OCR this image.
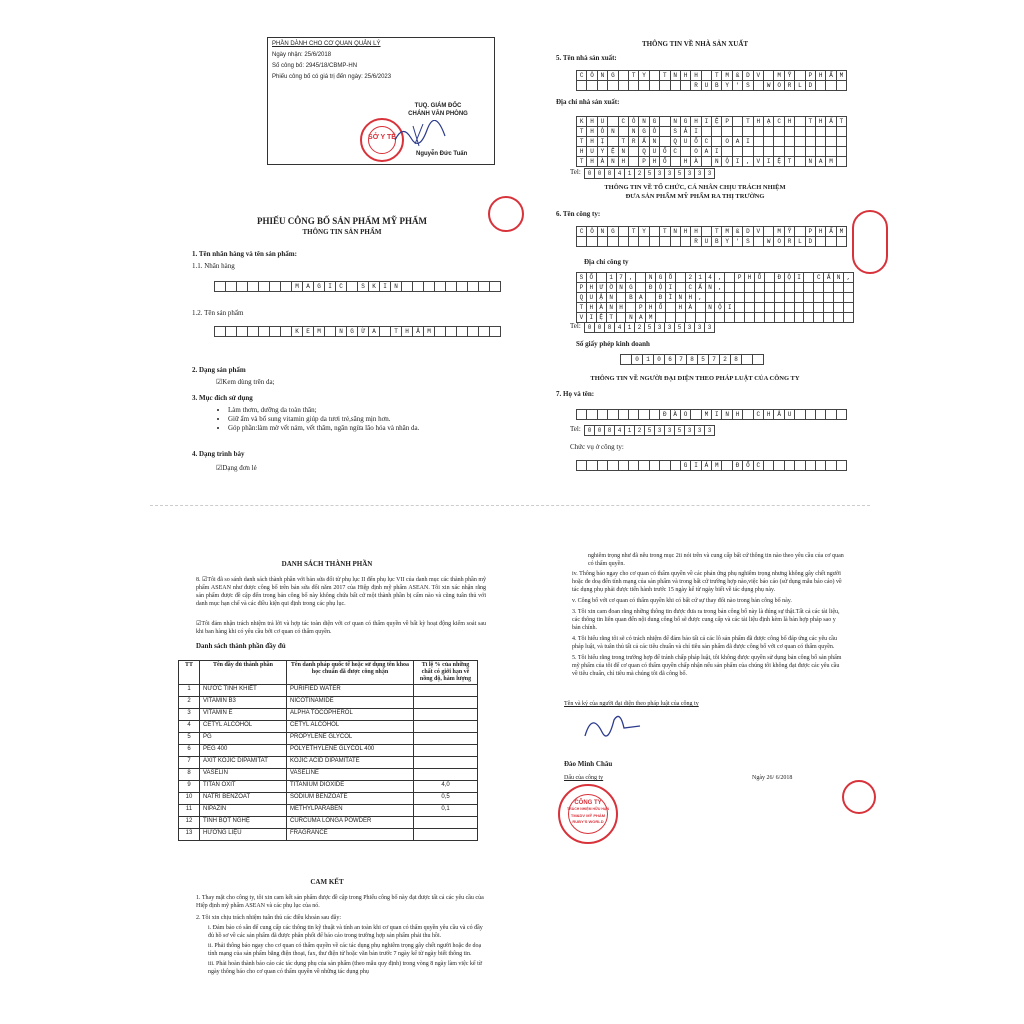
PHẦN DÀNH CHO CƠ QUAN QUẢN LÝ
Ngày nhận: 25/6/2018
Số công bố: 2945/18/CBMP-HN
Phiếu công bố có giá trị đến ngày: 25/6/2023
TUQ. GIÁM ĐỐC
CHÁNH VĂN PHÒNG
SỞ Y TẾ
Nguyễn Đức Tuấn
PHIẾU CÔNG BỐ SẢN PHẨM MỸ PHẨM
THÔNG TIN SẢN PHẨM
1. Tên nhãn hàng và tên sản phẩm:
1.1. Nhãn hàng
M	A	G	I	C	S	K	I	N
1.2. Tên sản phẩm
K	E	M	N	G	Ừ	A	T	H	Â	M
2. Dạng sản phẩm
☑Kem dùng trên da;
3. Mục đích sử dụng
• Làm thơm, dưỡng da toàn thân;
• Giữ ẩm và bổ sung vitamin giúp da tươi trẻ,săng mịn hơn.
• Góp phần:làm mờ vết nám, vết thâm, ngăn ngừa lão hóa và nhăn da.
4. Dạng trình bày
☑Dạng đơn lẻ
THÔNG TIN VỀ NHÀ SẢN XUẤT
5. Tên nhà sản xuất:
C	Ô	N	G	T	Y	T	N	H	H	T	M	&	D	V	M	Ỹ	P	H	Ẩ	M
R	U	B	Y	'	S	W	O	R	L	D
Địa chỉ nhà sản xuất:
K	H	U	C	Ô	N	G	N	G	H	I	Ệ	P	T	H	Ạ	C	H	T	H	Ấ	T
T	H	Ô	N	N	G	Ô	S	Ả	I
T	H	Ị	T	R	Ấ	N	Q	U	Ố	C	O	A	I
H	U	Y	Ệ	N	Q	U	Ố	C	O	A	I
T	H	À	N	H	P	H	Ố	H	À	N	Ộ	I	,	V	I	Ệ	T	N	A	M
Tel:	0	0	8	4	1	2	5	3	3	5	3	3	3
THÔNG TIN VỀ TỔ CHỨC, CÁ NHÂN CHỊU TRÁCH NHIỆM
ĐƯA SẢN PHẨM MỸ PHẨM RA THỊ TRƯỜNG
6. Tên công ty:
C	Ô	N	G	T	Y	T	N	H	H	T	M	&	D	V	M	Ỹ	P	H	Ẩ	M
R	U	B	Y	'	S	W	O	R	L	D
Địa chỉ công ty
S	Ố	1	7	,	N	G	Õ	2	1	4	,	P	H	Ố	Đ	Ộ	I	C	Ấ	N	,
P	H	Ư	Ờ	N	G	Đ	Ộ	I	C	Ấ	N	,
Q	U	Ậ	N	B	A	Đ	Ì	N	H	,
T	H	À	N	H	P	H	Ố	H	À	N	Ộ	I
V	I	Ệ	T	N	A	M
Tel:	0	0	8	4	1	2	5	3	3	5	3	3	3
Số giấy phép kinh doanh
0	1	0	6	7	8	5	7	2	8
THÔNG TIN VỀ NGƯỜI ĐẠI DIỆN THEO PHÁP LUẬT CỦA CÔNG TY
7. Họ và tên:
Đ	À	O	M	I	N	H	C	H	Â	U
Tel:	0	0	8	4	1	2	5	3	3	5	3	3	3
Chức vụ ở công ty:
G	I	Á	M	Đ	Ố	C
DANH SÁCH THÀNH PHẦN
8. ☑Tôi đã so sánh danh sách thành phần với bản sửa đổi từ phụ lục II đến phụ lục VII của danh mục các thành phần mỹ phẩm ASEAN như được công bố trên bản sửa đổi năm 2017 của Hiệp định mỹ phẩm ASEAN. Tôi xin xác nhận rằng sản phẩm được đề cập đến trong bản công bố này không chứa bất cứ một thành phần bị cấm nào và cũng tuân thủ với danh mục hạn chế và các điều kiện qui định trong các phụ lục.
☑Tôi đảm nhận trách nhiệm trả lời và hợp tác toàn diện với cơ quan có thẩm quyền về bất kỳ hoạt động kiểm soát sau khi ban hàng khi có yêu cầu bởi cơ quan có thẩm quyền.
Danh sách thành phần đầy đủ
TT	Tên đầy đủ thành phần	Tên danh pháp quốc tế hoặc sử dụng tên khoa học chuẩn đã được công nhận	Tỉ lệ % của những chất có giới hạn về nồng độ, hàm lượng
1	NƯỚC TINH KHIẾT	PURIFIED WATER	
2	VITAMIN B3	NICOTINAMIDE	
3	VITAMIN E	ALPHA TOCOPHEROL	
4	CETYL ALCOHOL	CETYL ALCOHOL	
5	PG	PROPYLENE GLYCOL	
6	PEG 400	POLYETHYLENE GLYCOL 400	
7	AXIT KOJIC DIPAMITAT	KOJIC ACID DIPAMITATE	
8	VASELIN	VASELINE	
9	TITAN OXIT	TITANIUM DIOXIDE	4,0
10	NATRI BENZOAT	SODIUM BENZOATE	0,5
11	NIPAZIN	METHYLPARABEN	0,1
12	TINH BỘT NGHỆ	CURCUMA LONGA POWDER	
13	HƯƠNG LIỆU	FRAGRANCE	
CAM KẾT
1. Thay mặt cho công ty, tôi xin cam kết sản phẩm được đề cập trong Phiếu công bố này đạt được tất cả các yêu cầu của Hiệp định mỹ phẩm ASEAN và các phụ lục của nó.
2. Tôi xin chịu trách nhiệm tuân thủ các điều khoản sau đây:
i. Đảm bảo có sẵn để cung cấp các thông tin kỹ thuật và tính an toàn khi cơ quan có thẩm quyền yêu cầu và có đầy đủ hồ sơ về các sản phẩm đã được phân phối để báo cáo trong trường hợp sản phẩm phải thu hồi.
ii. Phải thông báo ngay cho cơ quan có thẩm quyền về các tác dụng phụ nghiêm trọng gây chết người hoặc đe doạ tính mạng của sản phẩm bằng điện thoại, fax, thư điện tử hoặc văn bản trước 7 ngày kể từ ngày biết thông tin.
iii. Phải hoàn thành báo cáo các tác dụng phụ của sản phẩm (theo mẫu quy định) trong vòng 8 ngày làm việc kể từ ngày thông báo cho cơ quan có thẩm quyền về những tác dụng phụ
nghiêm trọng như đã nêu trong mục 2ii nói trên và cung cấp bất cứ thông tin nào theo yêu cầu của cơ quan có thẩm quyền.
iv. Thông báo ngay cho cơ quan có thẩm quyền về các phản ứng phụ nghiêm trọng nhưng không gây chết người hoặc đe doạ đến tính mạng của sản phẩm và trong bất cứ trường hợp nào,việc báo cáo (sử dụng mẫu báo cáo) về tác dụng phụ phải được tiến hành trước 15 ngày kể từ ngày biết về tác dụng phụ này.
v. Công bố với cơ quan có thẩm quyền khi có bất cứ sự thay đổi nào trong bản công bố này.
3. Tôi xin cam đoan rằng những thông tin được đưa ra trong bản công bố này là đúng sự thật.Tất cả các tài liệu, các thông tin liên quan đến nội dung công bố sẽ được cung cấp và các tài liệu định kèm là bản hợp pháp sao y bản chính.
4. Tôi hiểu rằng tôi sẽ có trách nhiệm để đảm bảo tất cả các lô sản phẩm đã được công bố đáp ứng các yêu cầu pháp luật, và tuân thủ tất cả các tiêu chuẩn và chỉ tiêu sản phẩm đã được công bố với cơ quan có thẩm quyền.
5. Tôi hiểu rằng trong trường hợp để tránh chấp pháp luật, tôi không được quyền sử dụng bản công bố sản phẩm mỹ phẩm của tôi để cơ quan có thẩm quyền chấp nhận nếu sản phẩm của chúng tôi không đạt được các yêu cầu về tiêu chuẩn, chỉ tiêu mà chúng tôi đã công bố.
Tên và ký của người đại diện theo pháp luật của công ty
Đào Minh Châu
Dấu của công ty	Ngày 26/ 6/2018
CÔNG TY
TRÁCH NHIỆM HỮU HẠN
TM&DV MỸ PHẨM
RUBY'S WORLD
